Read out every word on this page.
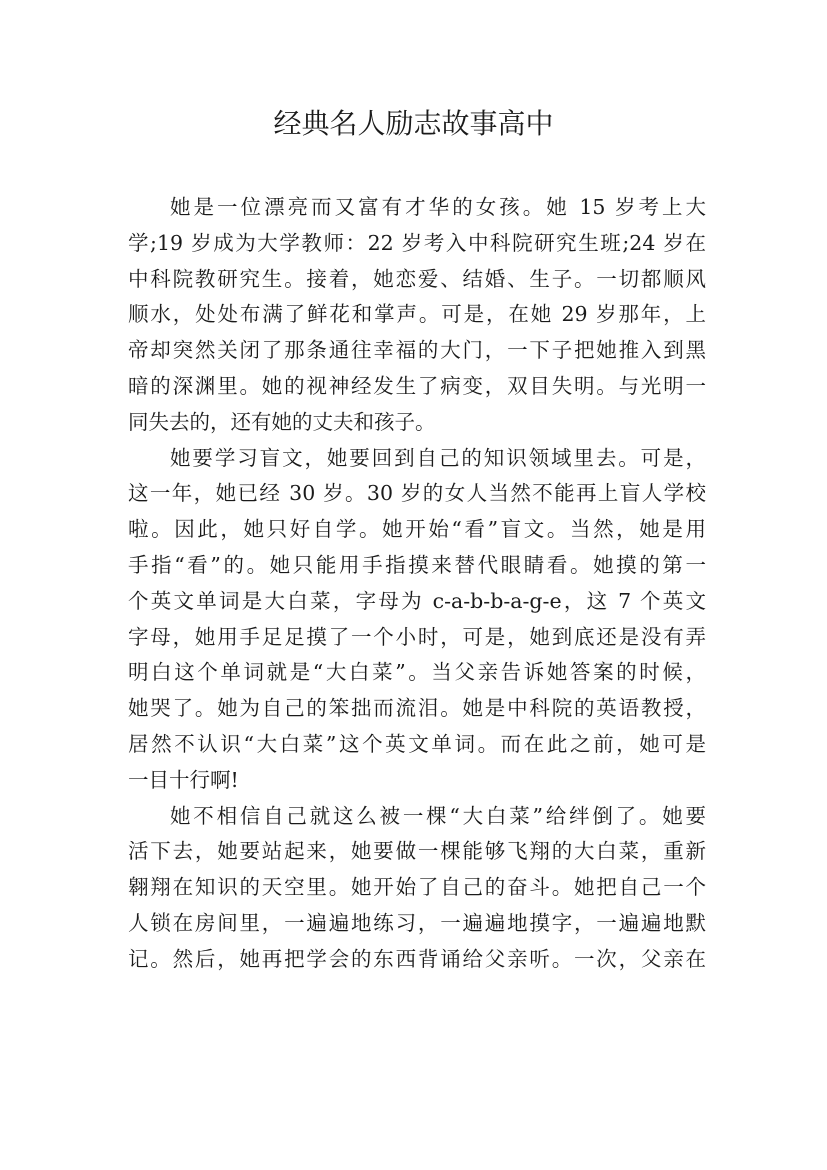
经典名人励志故事高中
她是一位漂亮而又富有才华的女孩。她 15 岁考上大
学;19 岁成为大学教师：22 岁考入中科院研究生班;24 岁在
中科院教研究生。接着，她恋爱、结婚、生子。一切都顺风
顺水，处处布满了鲜花和掌声。可是，在她 29 岁那年，上
帝却突然关闭了那条通往幸福的大门，一下子把她推入到黑
暗的深渊里。她的视神经发生了病变，双目失明。与光明一
同失去的，还有她的丈夫和孩子。
她要学习盲文，她要回到自己的知识领域里去。可是，
这一年，她已经 30 岁。30 岁的女人当然不能再上盲人学校
啦。因此，她只好自学。她开始“看”盲文。当然，她是用
手指“看”的。她只能用手指摸来替代眼睛看。她摸的第一
个英文单词是大白菜，字母为 c-a-b-b-a-g-e，这 7 个英文
字母，她用手足足摸了一个小时，可是，她到底还是没有弄
明白这个单词就是“大白菜”。当父亲告诉她答案的时候，
她哭了。她为自己的笨拙而流泪。她是中科院的英语教授，
居然不认识“大白菜”这个英文单词。而在此之前，她可是
一目十行啊!
她不相信自己就这么被一棵“大白菜”给绊倒了。她要
活下去，她要站起来，她要做一棵能够飞翔的大白菜，重新
翱翔在知识的天空里。她开始了自己的奋斗。她把自己一个
人锁在房间里，一遍遍地练习，一遍遍地摸字，一遍遍地默
记。然后，她再把学会的东西背诵给父亲听。一次，父亲在
